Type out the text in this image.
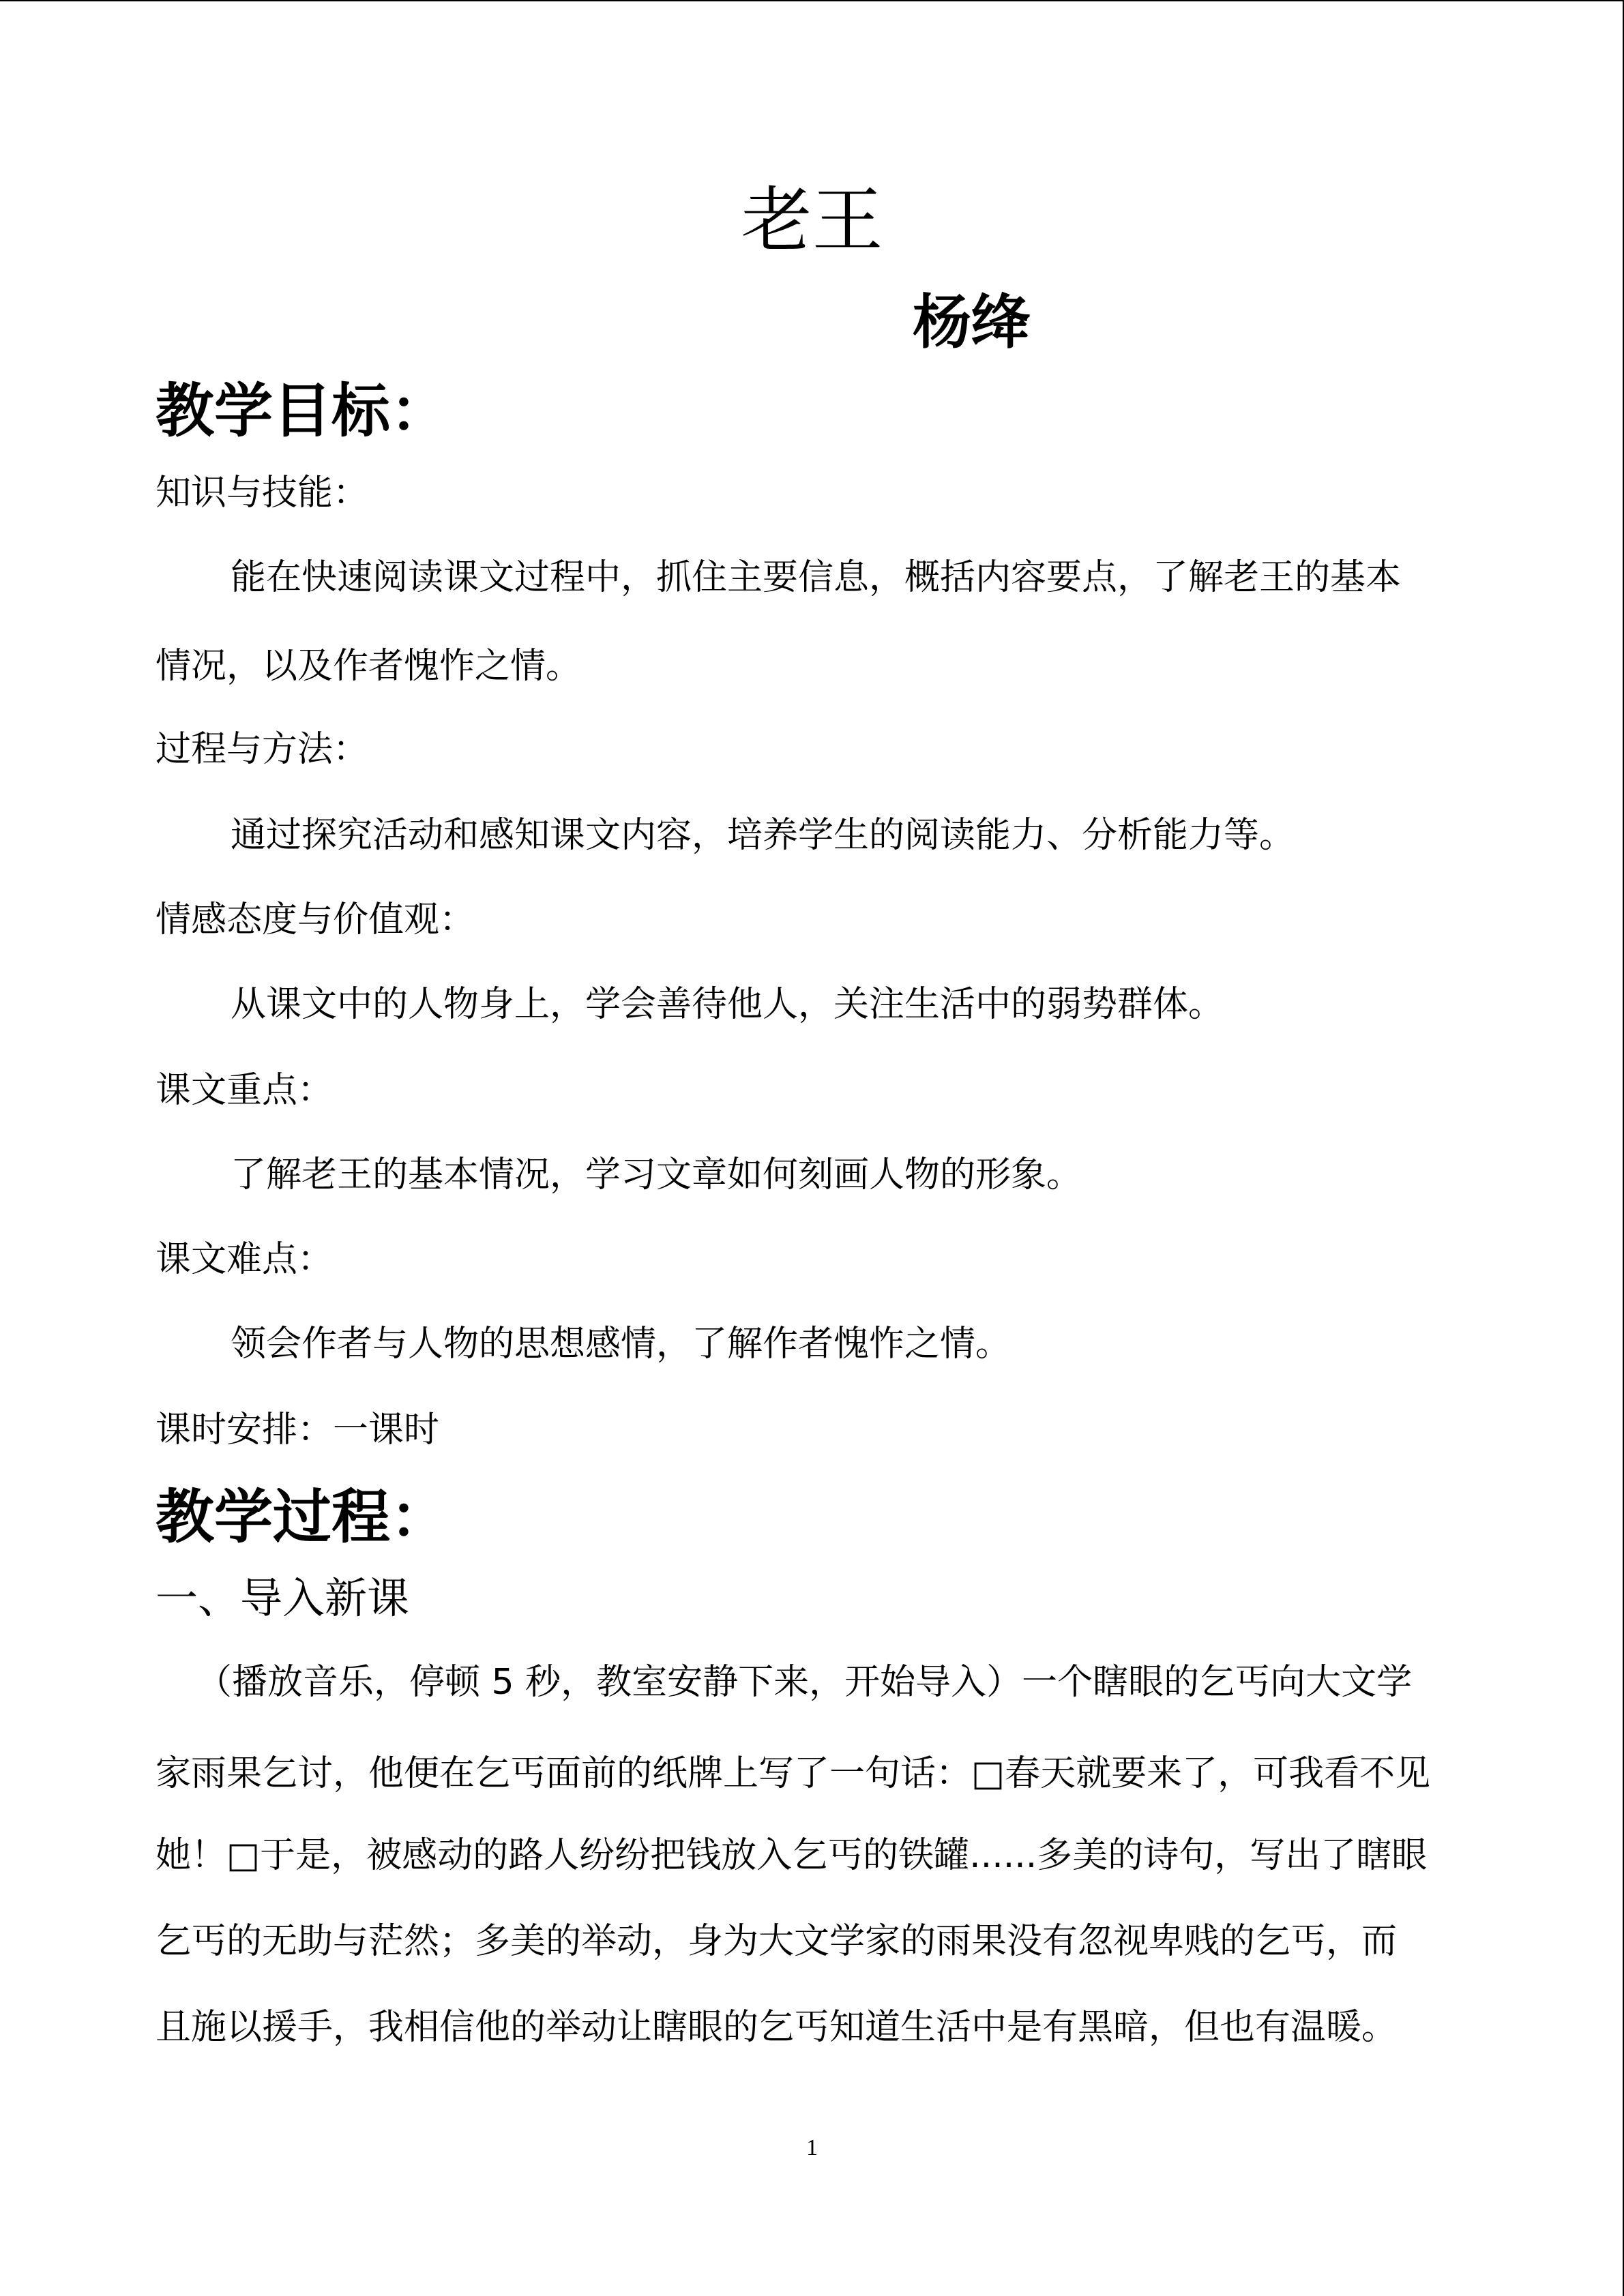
老王
杨绛
教学目标：
知识与技能：
能在快速阅读课文过程中，抓住主要信息，概括内容要点，了解老王的基本
情况，以及作者愧怍之情。
过程与方法：
通过探究活动和感知课文内容，培养学生的阅读能力、分析能力等。
情感态度与价值观：
从课文中的人物身上，学会善待他人，关注生活中的弱势群体。
课文重点：
了解老王的基本情况，学习文章如何刻画人物的形象。
课文难点：
领会作者与人物的思想感情，了解作者愧怍之情。
课时安排：一课时
教学过程：
一、导入新课
（播放音乐，停顿 5 秒，教室安静下来，开始导入）一个瞎眼的乞丐向大文学
家雨果乞讨，他便在乞丐面前的纸牌上写了一句话：□春天就要来了，可我看不见
她！□于是，被感动的路人纷纷把钱放入乞丐的铁罐......多美的诗句，写出了瞎眼
乞丐的无助与茫然；多美的举动，身为大文学家的雨果没有忽视卑贱的乞丐，而
且施以援手，我相信他的举动让瞎眼的乞丐知道生活中是有黑暗，但也有温暖。
1
